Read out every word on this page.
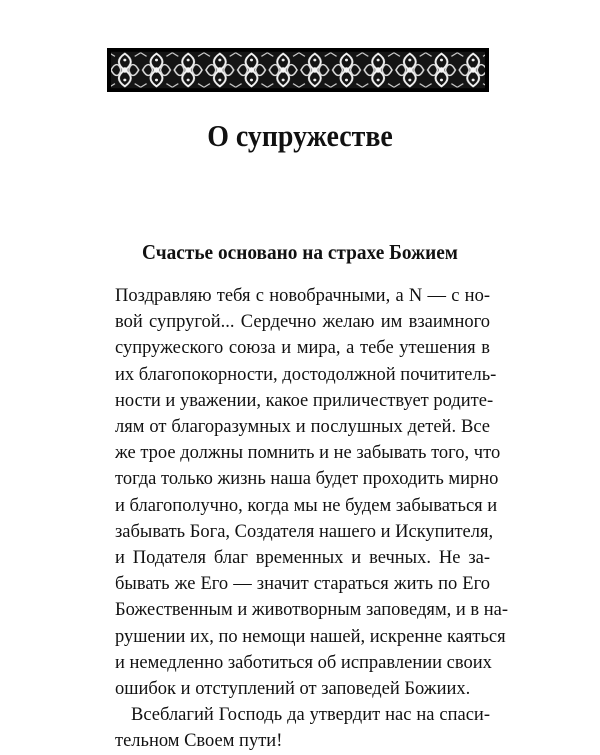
О супружестве
Счастье основано на страхе Божием
Поздравляю тебя с новобрачными, а N — с но-
вой супругой... Сердечно желаю им взаимного
супружеского союза и мира, а тебе утешения в
их благопокорности, достодолжной почититель-
ности и уважении, какое приличествует родите-
лям от благоразумных и послушных детей. Все
же трое должны помнить и не забывать того, что
тогда только жизнь наша будет проходить мирно
и благополучно, когда мы не будем забываться и
забывать Бога, Создателя нашего и Искупителя,
и Подателя благ временных и вечных. Не за-
бывать же Его — значит стараться жить по Его
Божественным и животворным заповедям, и в на-
рушении их, по немощи нашей, искренне каяться
и немедленно заботиться об исправлении своих
ошибок и отступлений от заповедей Божиих.
Всеблагий Господь да утвердит нас на спаси-
тельном Своем пути!
